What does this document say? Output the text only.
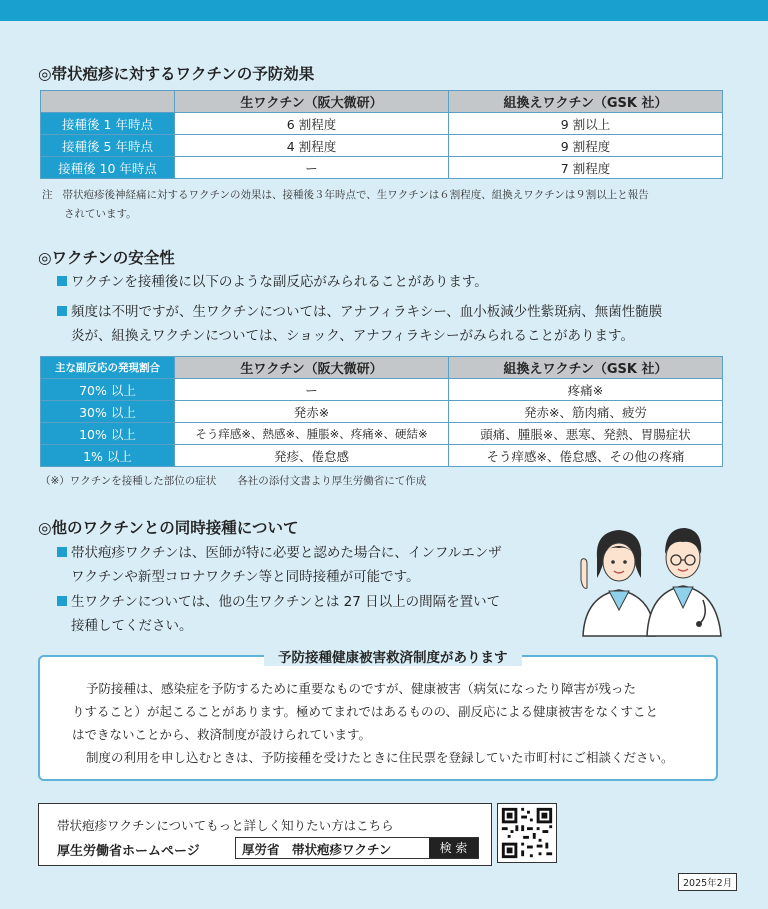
◎帯状疱疹に対するワクチンの予防効果
	生ワクチン（阪大微研）	組換えワクチン（GSK 社）
接種後 1 年時点	6 割程度	9 割以上
接種後 5 年時点	4 割程度	9 割程度
接種後 10 年時点	ー	7 割程度
注 帯状疱疹後神経痛に対するワクチンの効果は、接種後３年時点で、生ワクチンは６割程度、組換えワクチンは９割以上と報告
されています。
◎ワクチンの安全性
ワクチンを接種後に以下のような副反応がみられることがあります。
頻度は不明ですが、生ワクチンについては、アナフィラキシー、血小板減少性紫斑病、無菌性髄膜
炎が、組換えワクチンについては、ショック、アナフィラキシーがみられることがあります。
主な副反応の発現割合	生ワクチン（阪大微研）	組換えワクチン（GSK 社）
70% 以上	ー	疼痛※
30% 以上	発赤※	発赤※、筋肉痛、疲労
10% 以上	そう痒感※、熱感※、腫脹※、疼痛※、硬結※	頭痛、腫脹※、悪寒、発熱、胃腸症状
1% 以上	発疹、倦怠感	そう痒感※、倦怠感、その他の疼痛
（※）ワクチンを接種した部位の症状　　各社の添付文書より厚生労働省にて作成
◎他のワクチンとの同時接種について
帯状疱疹ワクチンは、医師が特に必要と認めた場合に、インフルエンザ
ワクチンや新型コロナワクチン等と同時接種が可能です。
生ワクチンについては、他の生ワクチンとは 27 日以上の間隔を置いて
接種してください。
予防接種健康被害救済制度があります
予防接種は、感染症を予防するために重要なものですが、健康被害（病気になったり障害が残った
りすること）が起こることがあります。極めてまれではあるものの、副反応による健康被害をなくすこと
はできないことから、救済制度が設けられています。
制度の利用を申し込むときは、予防接種を受けたときに住民票を登録していた市町村にご相談ください。
帯状疱疹ワクチンについてもっと詳しく知りたい方はこちら
厚生労働省ホームページ	厚労省　帯状疱疹ワクチン	検 索
2025年2月
